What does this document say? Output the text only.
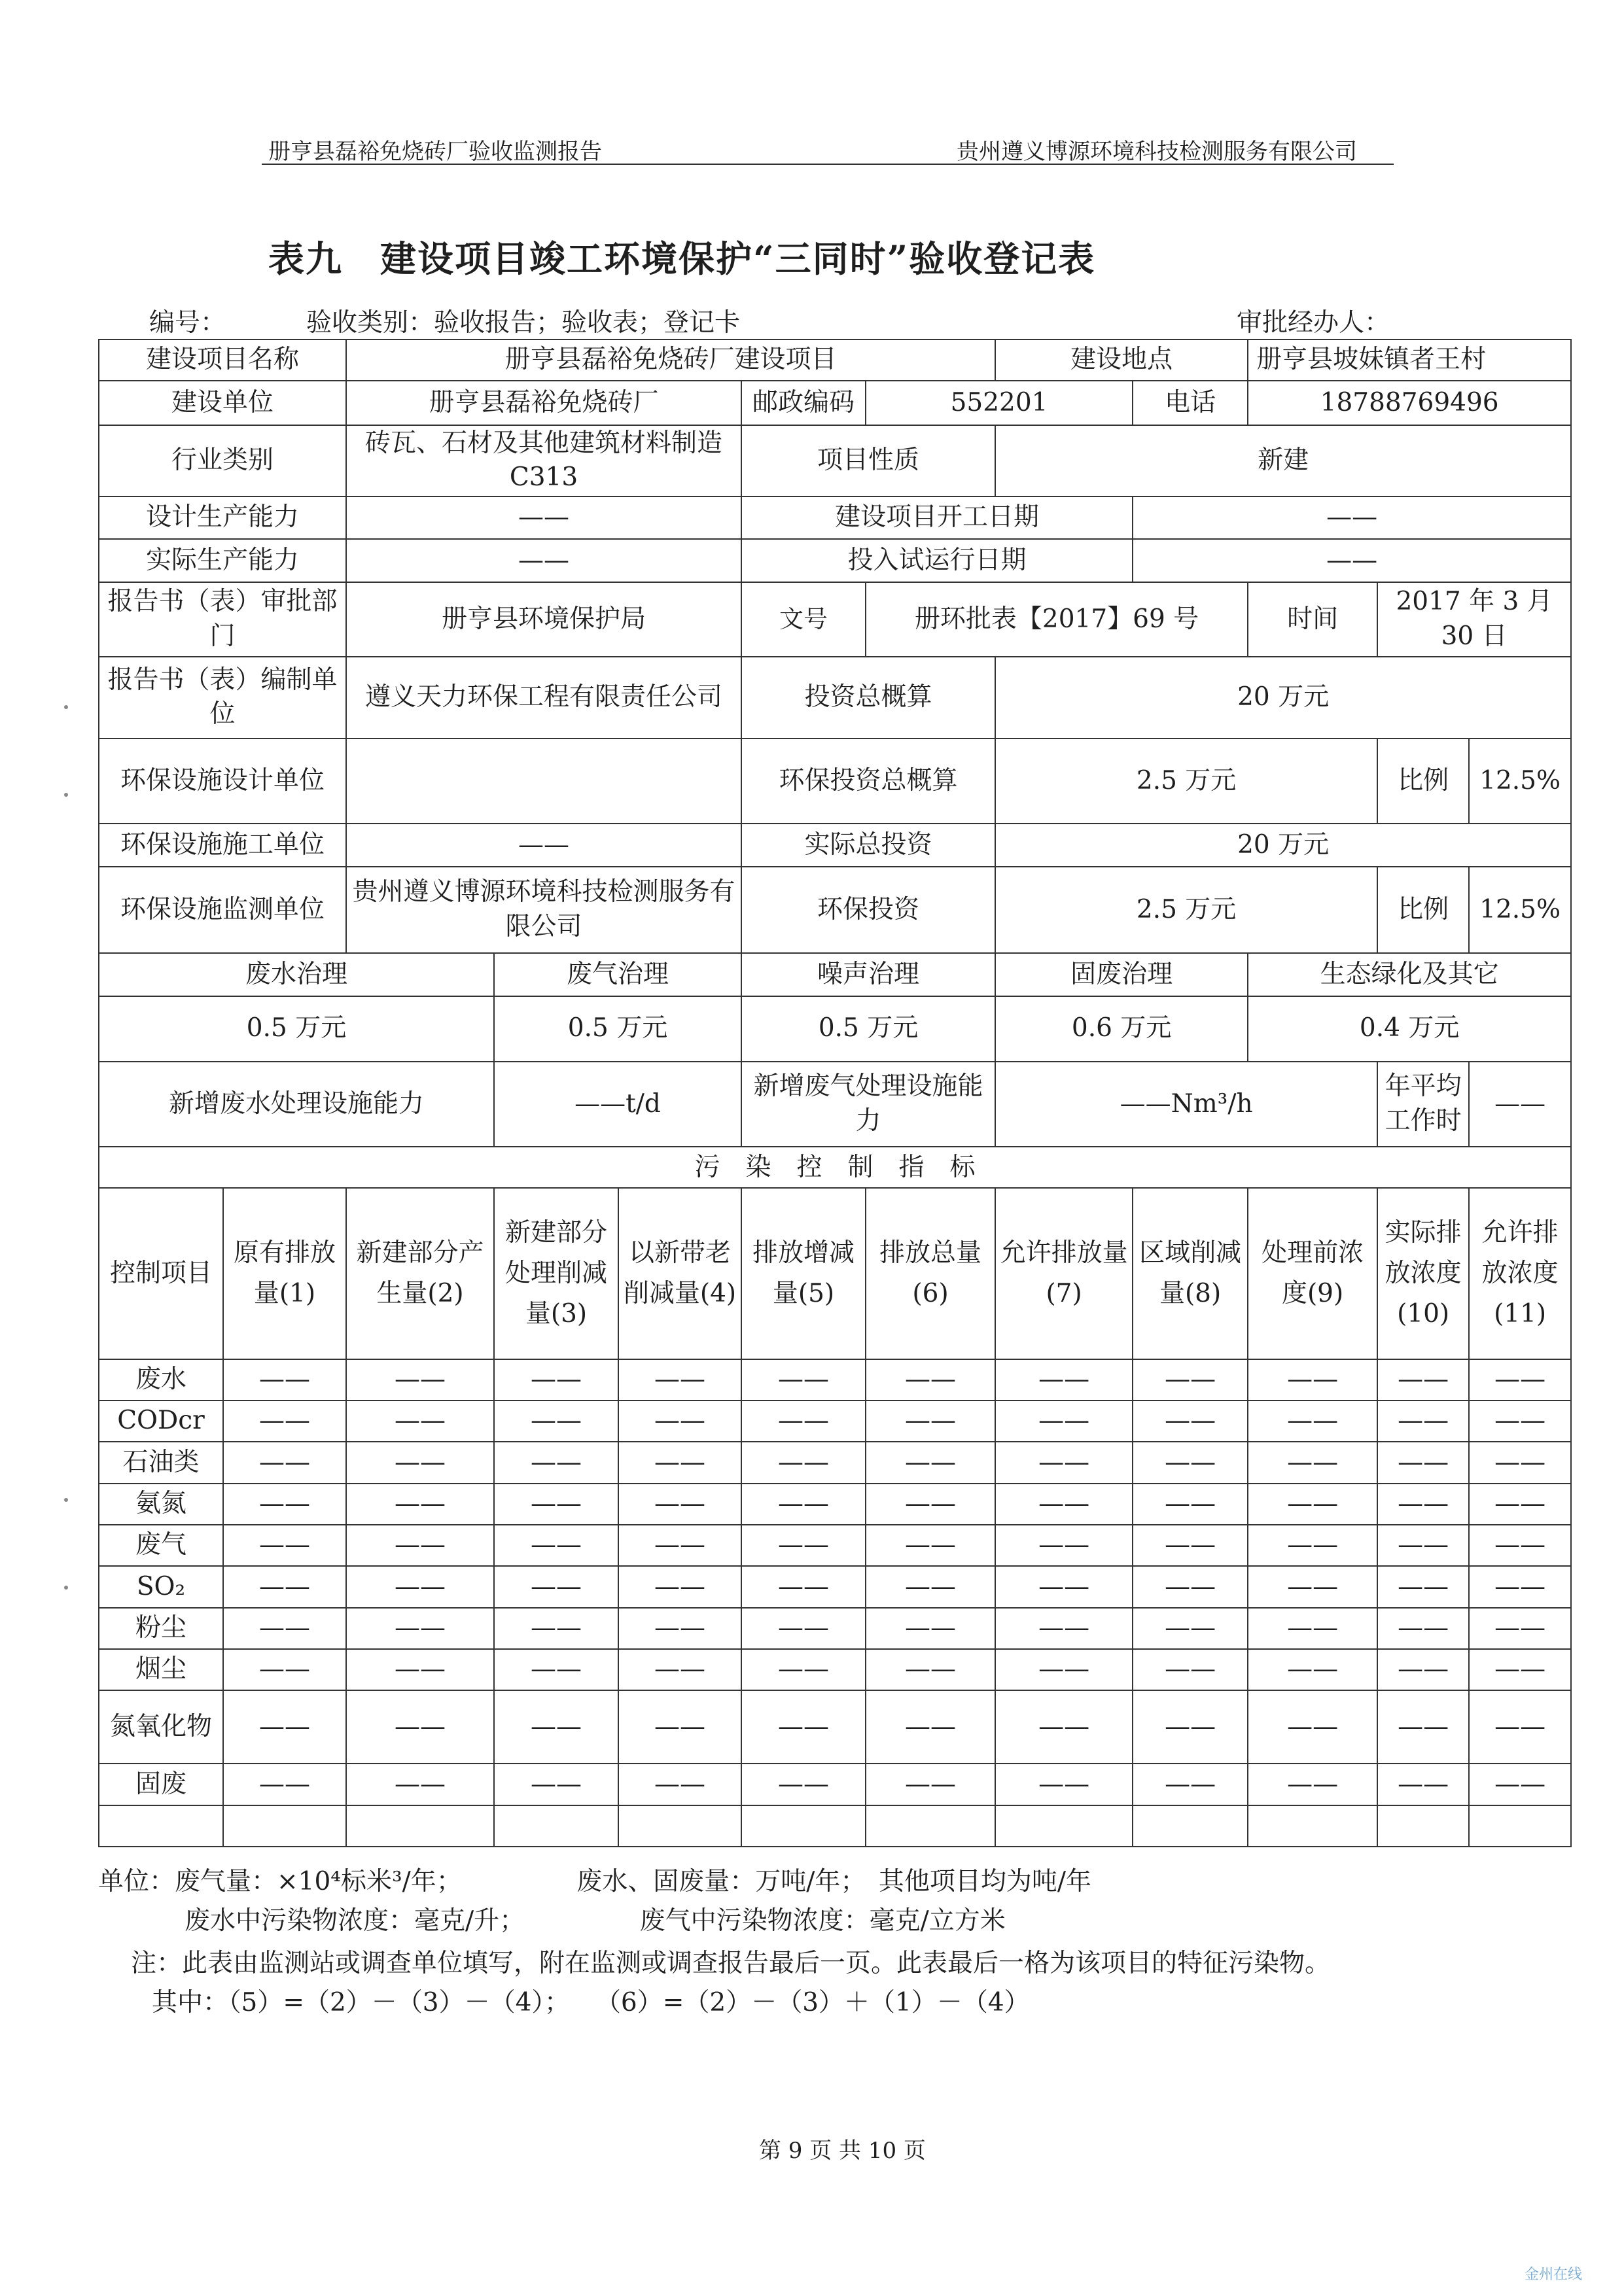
册亨县磊裕免烧砖厂验收监测报告	贵州遵义博源环境科技检测服务有限公司
表九　建设项目竣工环境保护“三同时”验收登记表
编号：	验收类别：验收报告；验收表；登记卡	审批经办人：
建设项目名称		册亨县磊裕免烧砖厂建设项目					建设地点		册亨县坡妹镇者王村		
建设单位		册亨县磊裕免烧砖厂			邮政编码	552201		电话	18788769496		
行业类别		砖瓦、石材及其他建筑材料制造 C313			项目性质		新建				
设计生产能力		——			建设项目开工日期			——			
实际生产能力		——			投入试运行日期			——			
报告书（表）审批部门		册亨县环境保护局			文号	册环批表【2017】69 号			时间	2017 年 3 月 30 日	
报告书（表）编制单位		遵义天力环保工程有限责任公司			投资总概算		20 万元				
环保设施设计单位					环保投资总概算		2.5 万元			比例	12.5%
环保设施施工单位		——			实际总投资		20 万元				
环保设施监测单位		贵州遵义博源环境科技检测服务有限公司			环保投资		2.5 万元			比例	12.5%
废水治理			废气治理		噪声治理		固废治理		生态绿化及其它		
0.5 万元			0.5 万元		0.5 万元		0.6 万元		0.4 万元		
新增废水处理设施能力			——t/d		新增废气处理设施能力		——Nm³/h			年平均工作时	——
污　染　控　制　指　标											
控制项目	原有排放量(1)	新建部分产生量(2)	新建部分处理削减量(3)	以新带老削减量(4)	排放增减量(5)	排放总量(6)	允许排放量(7)	区域削减量(8)	处理前浓度(9)	实际排放浓度(10)	允许排放浓度(11)
废水	——	——	——	——	——	——	——	——	——	——	——
CODcr	——	——	——	——	——	——	——	——	——	——	——
石油类	——	——	——	——	——	——	——	——	——	——	——
氨氮	——	——	——	——	——	——	——	——	——	——	——
废气	——	——	——	——	——	——	——	——	——	——	——
SO₂	——	——	——	——	——	——	——	——	——	——	——
粉尘	——	——	——	——	——	——	——	——	——	——	——
烟尘	——	——	——	——	——	——	——	——	——	——	——
氮氧化物	——	——	——	——	——	——	——	——	——	——	——
固废	——	——	——	——	——	——	——	——	——	——	——

单位：废气量：×10⁴标米³/年；　　　　　废水、固废量：万吨/年；　其他项目均为吨/年
废水中污染物浓度：毫克/升；　　　　　废气中污染物浓度：毫克/立方米
注：此表由监测站或调查单位填写，附在监测或调查报告最后一页。此表最后一格为该项目的特征污染物。
其中：（5）=（2）－（3）－（4）；　　（6）=（2）－（3）＋（1）－（4）
第 9 页 共 10 页
金州在线
